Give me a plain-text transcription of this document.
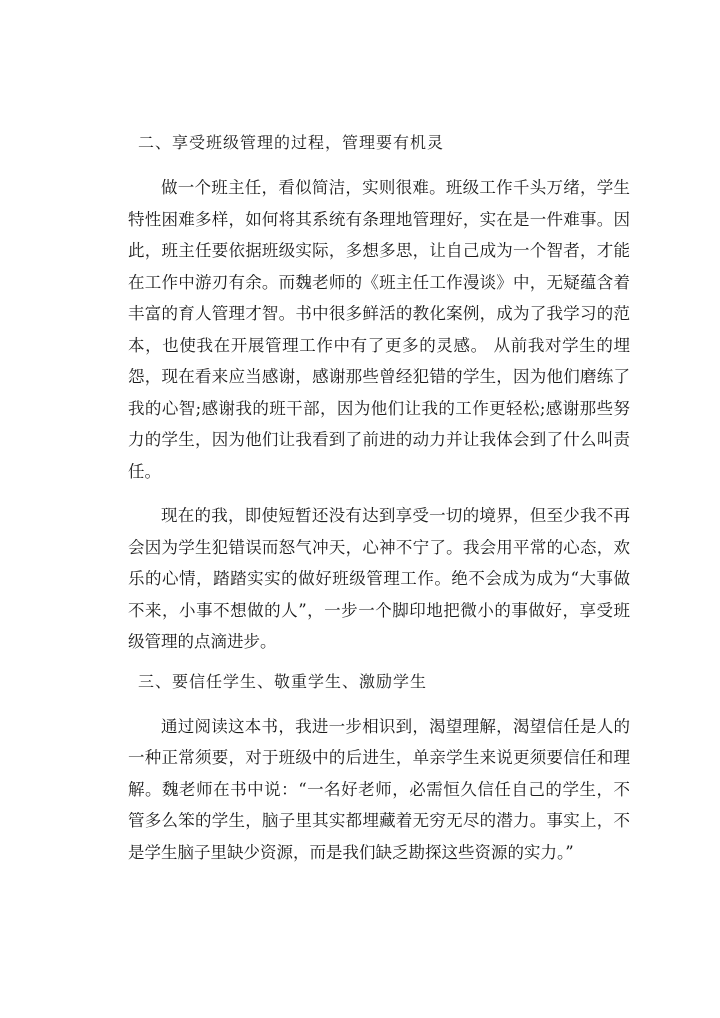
二、享受班级管理的过程，管理要有机灵

做一个班主任，看似简洁，实则很难。班级工作千头万绪，学生特性困难多样，如何将其系统有条理地管理好，实在是一件难事。因此，班主任要依据班级实际，多想多思，让自己成为一个智者，才能在工作中游刃有余。而魏老师的《班主任工作漫谈》中，无疑蕴含着丰富的育人管理才智。书中很多鲜活的教化案例，成为了我学习的范本，也使我在开展管理工作中有了更多的灵感。 从前我对学生的埋怨，现在看来应当感谢，感谢那些曾经犯错的学生，因为他们磨练了我的心智;感谢我的班干部，因为他们让我的工作更轻松;感谢那些努力的学生，因为他们让我看到了前进的动力并让我体会到了什么叫责任。

现在的我，即使短暂还没有达到享受一切的境界，但至少我不再会因为学生犯错误而怒气冲天，心神不宁了。我会用平常的心态，欢乐的心情，踏踏实实的做好班级管理工作。绝不会成为成为“大事做不来，小事不想做的人”，一步一个脚印地把微小的事做好，享受班级管理的点滴进步。

三、要信任学生、敬重学生、激励学生

通过阅读这本书，我进一步相识到，渴望理解，渴望信任是人的一种正常须要，对于班级中的后进生，单亲学生来说更须要信任和理解。魏老师在书中说：“一名好老师，必需恒久信任自己的学生，不管多么笨的学生，脑子里其实都埋藏着无穷无尽的潜力。事实上，不是学生脑子里缺少资源，而是我们缺乏勘探这些资源的实力。”
